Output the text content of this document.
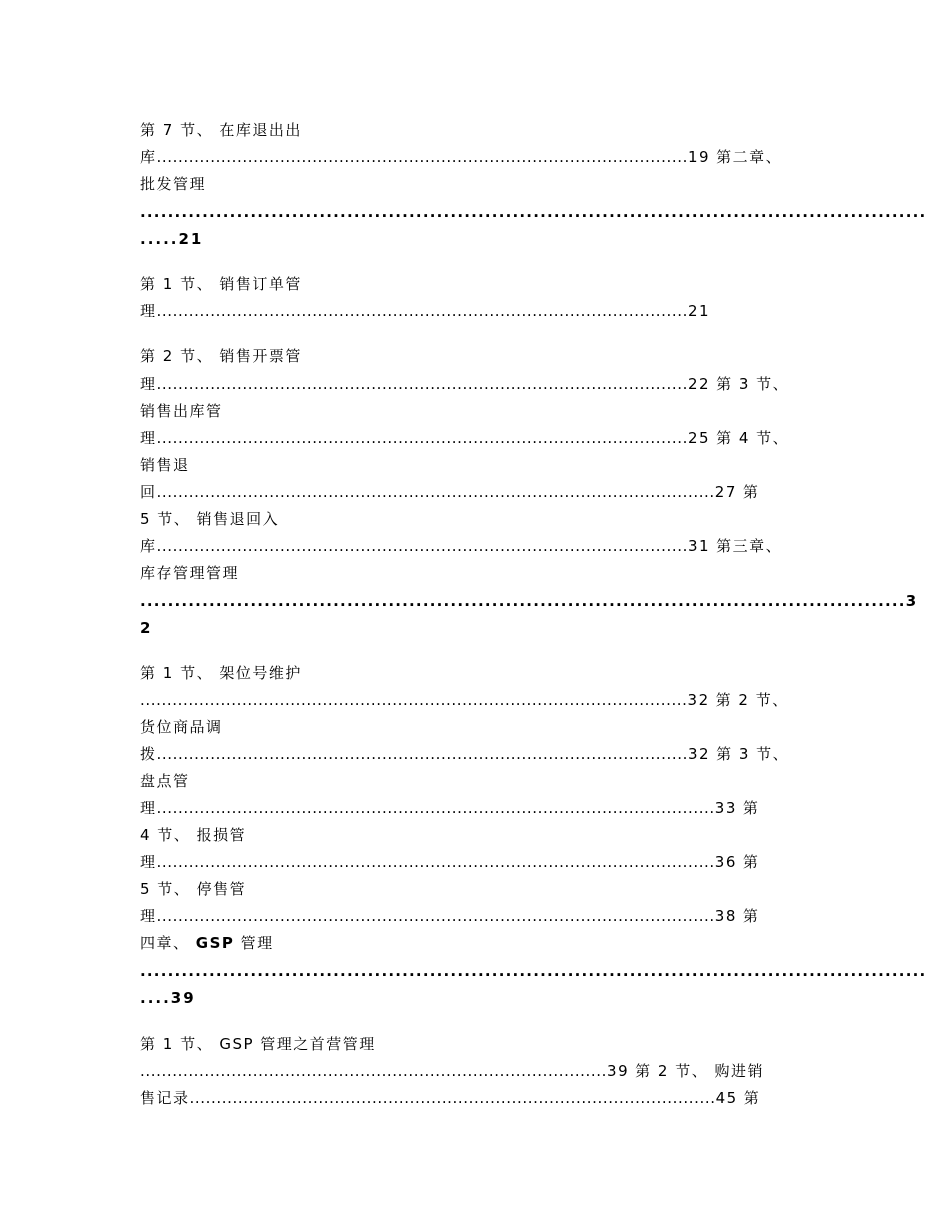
第 7 节、 在库退出出
库...................................................................................................19 第二章、
批发管理
..................................................................................................................
.....21
第 1 节、 销售订单管
理...................................................................................................21
第 2 节、 销售开票管
理...................................................................................................22 第 3 节、
销售出库管
理...................................................................................................25 第 4 节、
销售退
回........................................................................................................27 第
5 节、 销售退回入
库...................................................................................................31 第三章、
库存管理管理
...............................................................................................................3
2
第 1 节、 架位号维护
......................................................................................................32 第 2 节、
货位商品调
拨...................................................................................................32 第 3 节、
盘点管
理........................................................................................................33 第
4 节、 报损管
理........................................................................................................36 第
5 节、 停售管
理........................................................................................................38 第
四章、 GSP 管理
..................................................................................................................
....39
第 1 节、 GSP 管理之首营管理
.......................................................................................39 第 2 节、 购进销
售记录..................................................................................................45 第
